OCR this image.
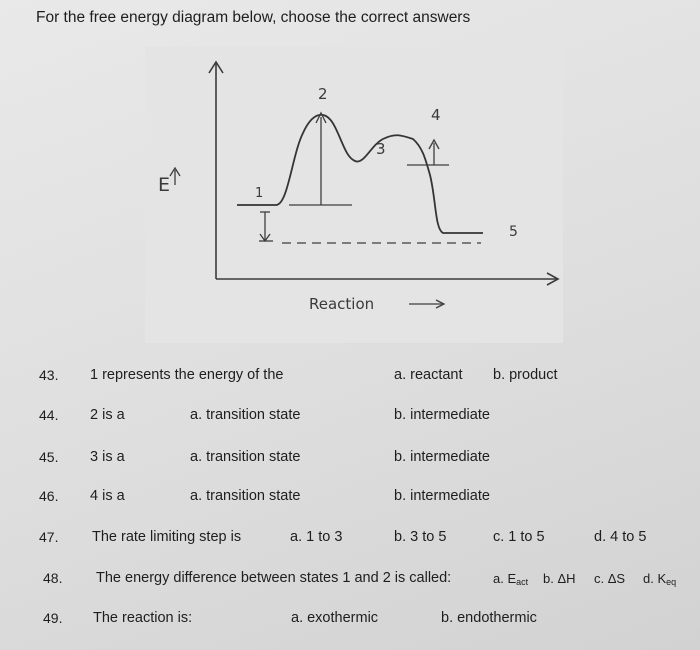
For the free energy diagram below, choose the correct answers
E	1
2
3
4
5
Reaction
43. 1 represents the energy of the	a. reactant b. product
44. 2 is a	a. transition state	b. intermediate
45. 3 is a	a. transition state	b. intermediate
46. 4 is a	a. transition state	b. intermediate
47. The rate limiting step is	a. 1 to 3	b. 3 to 5	c. 1 to 5	d. 4 to 5
48. The energy difference between states 1 and 2 is called:	a. $E_{act}$ b. ΔH c. ΔS d. $K_{eq}$
49. The reaction is:	a. exothermic	b. endothermic
